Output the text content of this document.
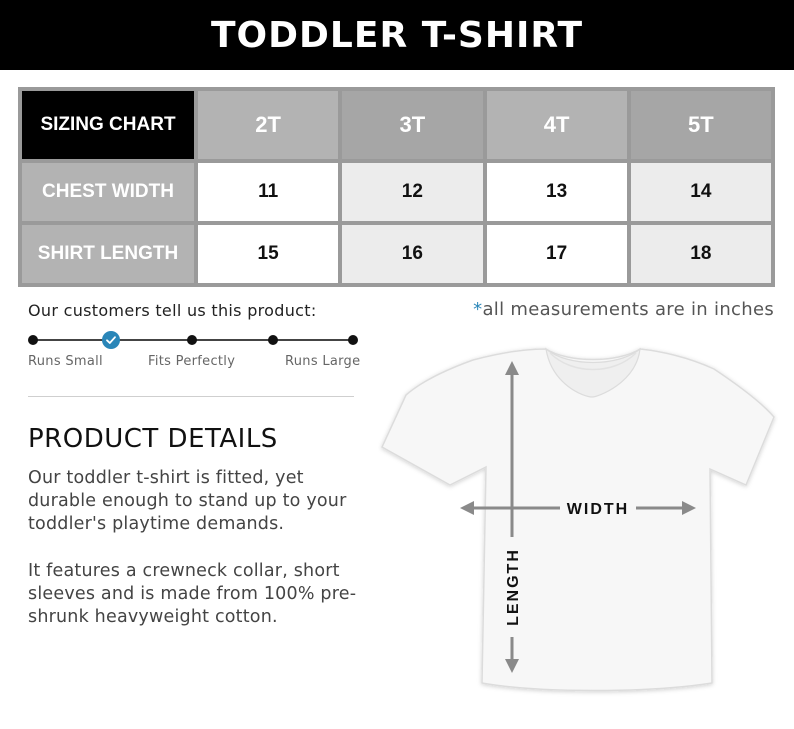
TODDLER T-SHIRT
SIZING CHART	2T	3T	4T	5T
CHEST WIDTH	11	12	13	14
SHIRT LENGTH	15	16	17	18
Our customers tell us this product:	*all measurements are in inches
Runs Small	Fits Perfectly	Runs Large
PRODUCT DETAILS

Our toddler t-shirt is fitted, yet durable enough to stand up to your toddler's playtime demands.

It features a crewneck collar, short sleeves and is made from 100% pre-shrunk heavyweight cotton.

WIDTH
LENGTH
